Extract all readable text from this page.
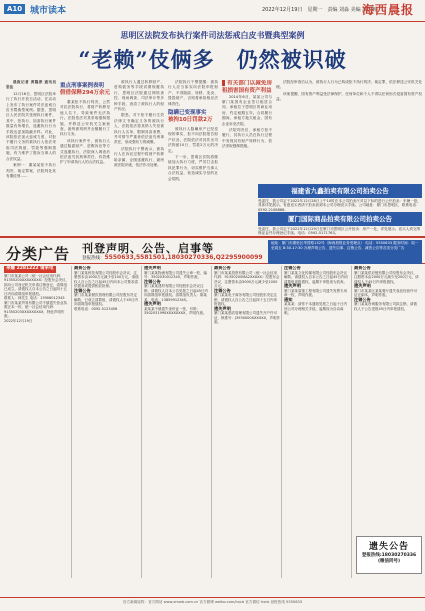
A10 城市读本	2022年12月19日　星期一　责编 刘淼 美编 胡国栋
海西晨报
思明区法院发布执行案件司法惩戒白皮书暨典型案例
“老赖”伎俩多　仍然被识破

晨报记者 黄隆津 通讯员 思法

12月16日，思明区法院举行了执行开放日活动，在活动上发布了执行案件司法惩戒白皮书暨典型案例。据悉，思明区人民法院共受理执行案件，其中，拒执行、妨害执行案件数量有所增长，逃避执行行为手段也更加隐蔽多样。对此，该院依法加大惩戒力度，对拒不履行义务的被执行人依法采取司法拘留、罚款等强制措施，有力维护了胜诉当事人的合法权益。

案例一：董某某拒不执行判决、裁定罪案，法院判处其有期徒刑……

重点刑事案例表明
假借保释294万余元

董某拒不执行判决，公然对抗法院执行，将财产转移至他人名下，导致案件无法执行。法院依法对其采取强制措施，并移送公安机关立案侦查，最终被判刑并全额履行了执行义务。

该执行案件中，被执行人通过隐匿财产、虚假诉讼等方式逃避执行，法院深入调查后依法追究其刑事责任，有效维护了申请执行人的合法权益。

被执行人通过转移财产、虚构债务等手段试图规避执行，思明区法院通过网络查控、现场调查、司法审计等多种手段，查清了被执行人的财产状况。

据悉，对于拒不履行生效法律文书确定义务的被执行人，法院依法将其纳入失信被执行人名单，限制其高消费，并对情节严重者依法追究刑事责任，形成强有力的威慑。

法院执行干警表示，被执行人在诉讼过程中将财产转移给亲属，企图逃避执行，最终被法院识破，依法作出处理。

法院执行干警提醒：被执行人应当如实向法院申报财产，不得隐匿、转移、变卖、毁损财产，否则将承担相应法律责任。

隐瞒已变现事实
被拘10日罚款2万

被执行人隐瞒房产已经变现的事实，拒不向法院报告财产状况，法院依法对其作出司法拘留10日、罚款2万元的决定。

下一步，思明区法院将继续加大执行力度，严厉打击拒执犯罪行为，切实维护当事人合法权益，营造诚实守信的社会氛围。

有关部门以减免房租损害国有资产利益

2014年6月，某某公司与厦门某国有企业签订租赁合同，承租位于思明区的商业用房，约定租期五年。合同履行期间，承租方拖欠租金，国有企业诉至法院。

法院判决后，承租方拒不履行，其执行人员在执行过程中发现其有财产转移行为，依法采取强制措施。

法院经审查后认为，被执行人行为已构成拒不执行判决、裁定罪，依法移送公安机关处理。

该案提醒，国有资产利益受法律保护，任何单位和个人不得以任何形式侵害国有资产权益。

福建省九鑫拍卖有限公司拍卖公告
受委托，我公司定于2022年12月28日上午10时在本公司拍卖厅对以下标的进行公开拍卖：车辆一批，具体详见展示。有意竞买者请于拍卖前到本公司办理竞买手续。公司地址：厦门市思明区，联系电话：0592-2108888。
厦门国际商品拍卖有限公司拍卖公告
受委托，我公司定于2022年12月29日在厦门市思明区公开拍卖：房产一处，详见展示。竞买人须交纳保证金并办理登记手续。电话：0592-5171763。
分类广告 刊登声明、公告、启事等
登报热线：5550633,5581501,18030270336,Q2295900099
地址：厦门市湖里区华昌路132号（海西晨报业务受理点） 电话：5550633 服务时间：周一至周五 8:30-17:30 办理声明公告、遗失启事、注销公告、减资公告等各类分类广告
来赚 2281222 请来电
厦门市某某公司（统一社会信用代码：91350200XXXXXXXX）经股东会决议，拟向公司登记机关申请注销登记，清算组已成立，请债权人自本公告之日起四十五日内向清算组申报债权。
联系人：林先生 电话：13906012345
厦门市某某贸易有限公司不慎遗失营业执照正本一份，统一社会信用代码：91350203XXXXXXXXX，特此声明作废。
2022年12月19日
减资公告
厦门某某科技有限公司经股东会决议，注册资本由1000万元减少至100万元，请债权人自公告之日起45日内向本公司要求清偿债务或提供相应担保。
注销公告
厦门市某某餐饮管理有限公司经股东决定解散，已成立清算组，请债权人于45日内向清算组申报债权。
联系电话：0592-5123456
遗失声明
厦门某某物流有限公司遗失公章一枚，编号：3502030012345，声明作废。
注销公告
厦门某某建材有限公司经股东会决议注销，请债权人自本公告见报之日起45日内向清算组申报债权。清算组负责人：陈某某，电话：13859912345。
遗失声明
某某某不慎遗失身份证一张，号码：3502031990XXXXXXXX，声明作废。
减资公告
厦门市某某投资有限公司（统一社会信用代码：91350200MA2XXXXX）经股东会决议，注册资本由5000万元减少至1000万元。
注销公告
厦门某某电子商务有限公司经股东决定注销，请债权人自公告之日起四十五日内申报债权。
遗失声明
厦门某某酒店管理有限公司遗失开户许可证，核准号：J3930000XXXXXX，声明作废。
注销公告
厦门某某文化传媒有限公司经股东会决议解散，请债权人自本公告之日起45日内向清算组申报债权，逾期不申报视为放弃。
遗失声明
厦门某某装饰工程有限公司遗失发票专用章一枚，声明作废。
通知
某某某：请你于本通知见报之日起十日内回公司办理相关手续，逾期视为自动离职。
减资公告
厦门某某供应链有限公司经股东会决议，注册资本由2000万元减少至200万元，请债权人于45日内申报债权。
遗失声明
厦门市某某区某某餐厅遗失食品经营许可证正副本，声明作废。
注销公告
厦门某某咨询服务有限公司拟注销，请债权人于公告见报45日内申报债权。
遗失公告
登报热线:18030270336
(微信同号)
官方新媒矩阵：官方网站 www.xmwb.com.cn 官方微博 weibo.com/hxcb 官方微信 hxcb 登报热线 5550633
